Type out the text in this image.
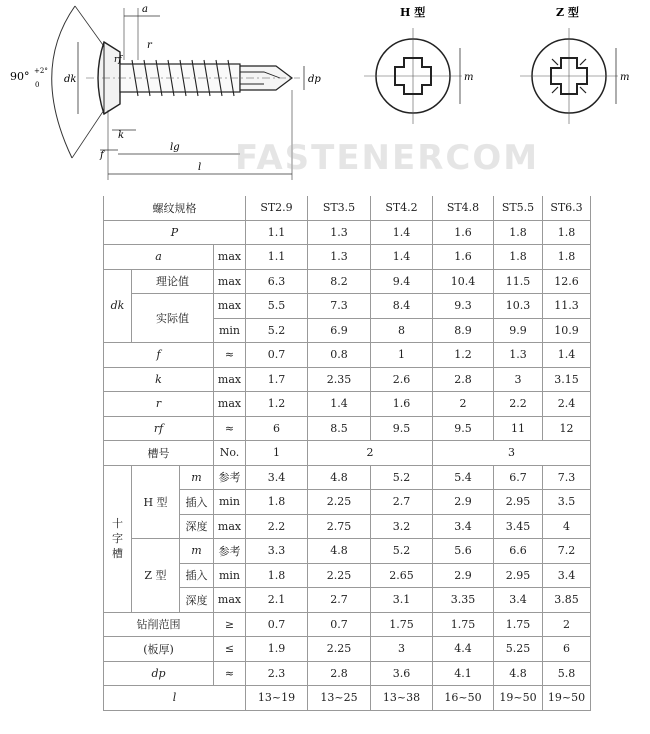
90° +2°
0
a
r
rf
dk
k
f
lg
l
dp
H 型
m
Z 型
m
FASTENERCOM
螺纹规格				ST2.9	ST3.5	ST4.2	ST4.8	ST5.5	ST6.3
P				1.1	1.3	1.4	1.6	1.8	1.8
a			max	1.1	1.3	1.4	1.6	1.8	1.8
dk	理论值		max	6.3	8.2	9.4	10.4	11.5	12.6
	实际值		max	5.5	7.3	8.4	9.3	10.3	11.3
			min	5.2	6.9	8	8.9	9.9	10.9
f			≈	0.7	0.8	1	1.2	1.3	1.4
k			max	1.7	2.35	2.6	2.8	3	3.15
r			max	1.2	1.4	1.6	2	2.2	2.4
rf			≈	6	8.5	9.5	9.5	11	12
槽号			No.	1	2		3		
十字槽	H 型	m	参考	3.4	4.8	5.2	5.4	6.7	7.3
		插入	min	1.8	2.25	2.7	2.9	2.95	3.5
		深度	max	2.2	2.75	3.2	3.4	3.45	4
	Z 型	m	参考	3.3	4.8	5.2	5.6	6.6	7.2
		插入	min	1.8	2.25	2.65	2.9	2.95	3.4
		深度	max	2.1	2.7	3.1	3.35	3.4	3.85
钻削范围			≥	0.7	0.7	1.75	1.75	1.75	2
(板厚)			≤	1.9	2.25	3	4.4	5.25	6
dp			≈	2.3	2.8	3.6	4.1	4.8	5.8
l				13~19	13~25	13~38	16~50	19~50	19~50
